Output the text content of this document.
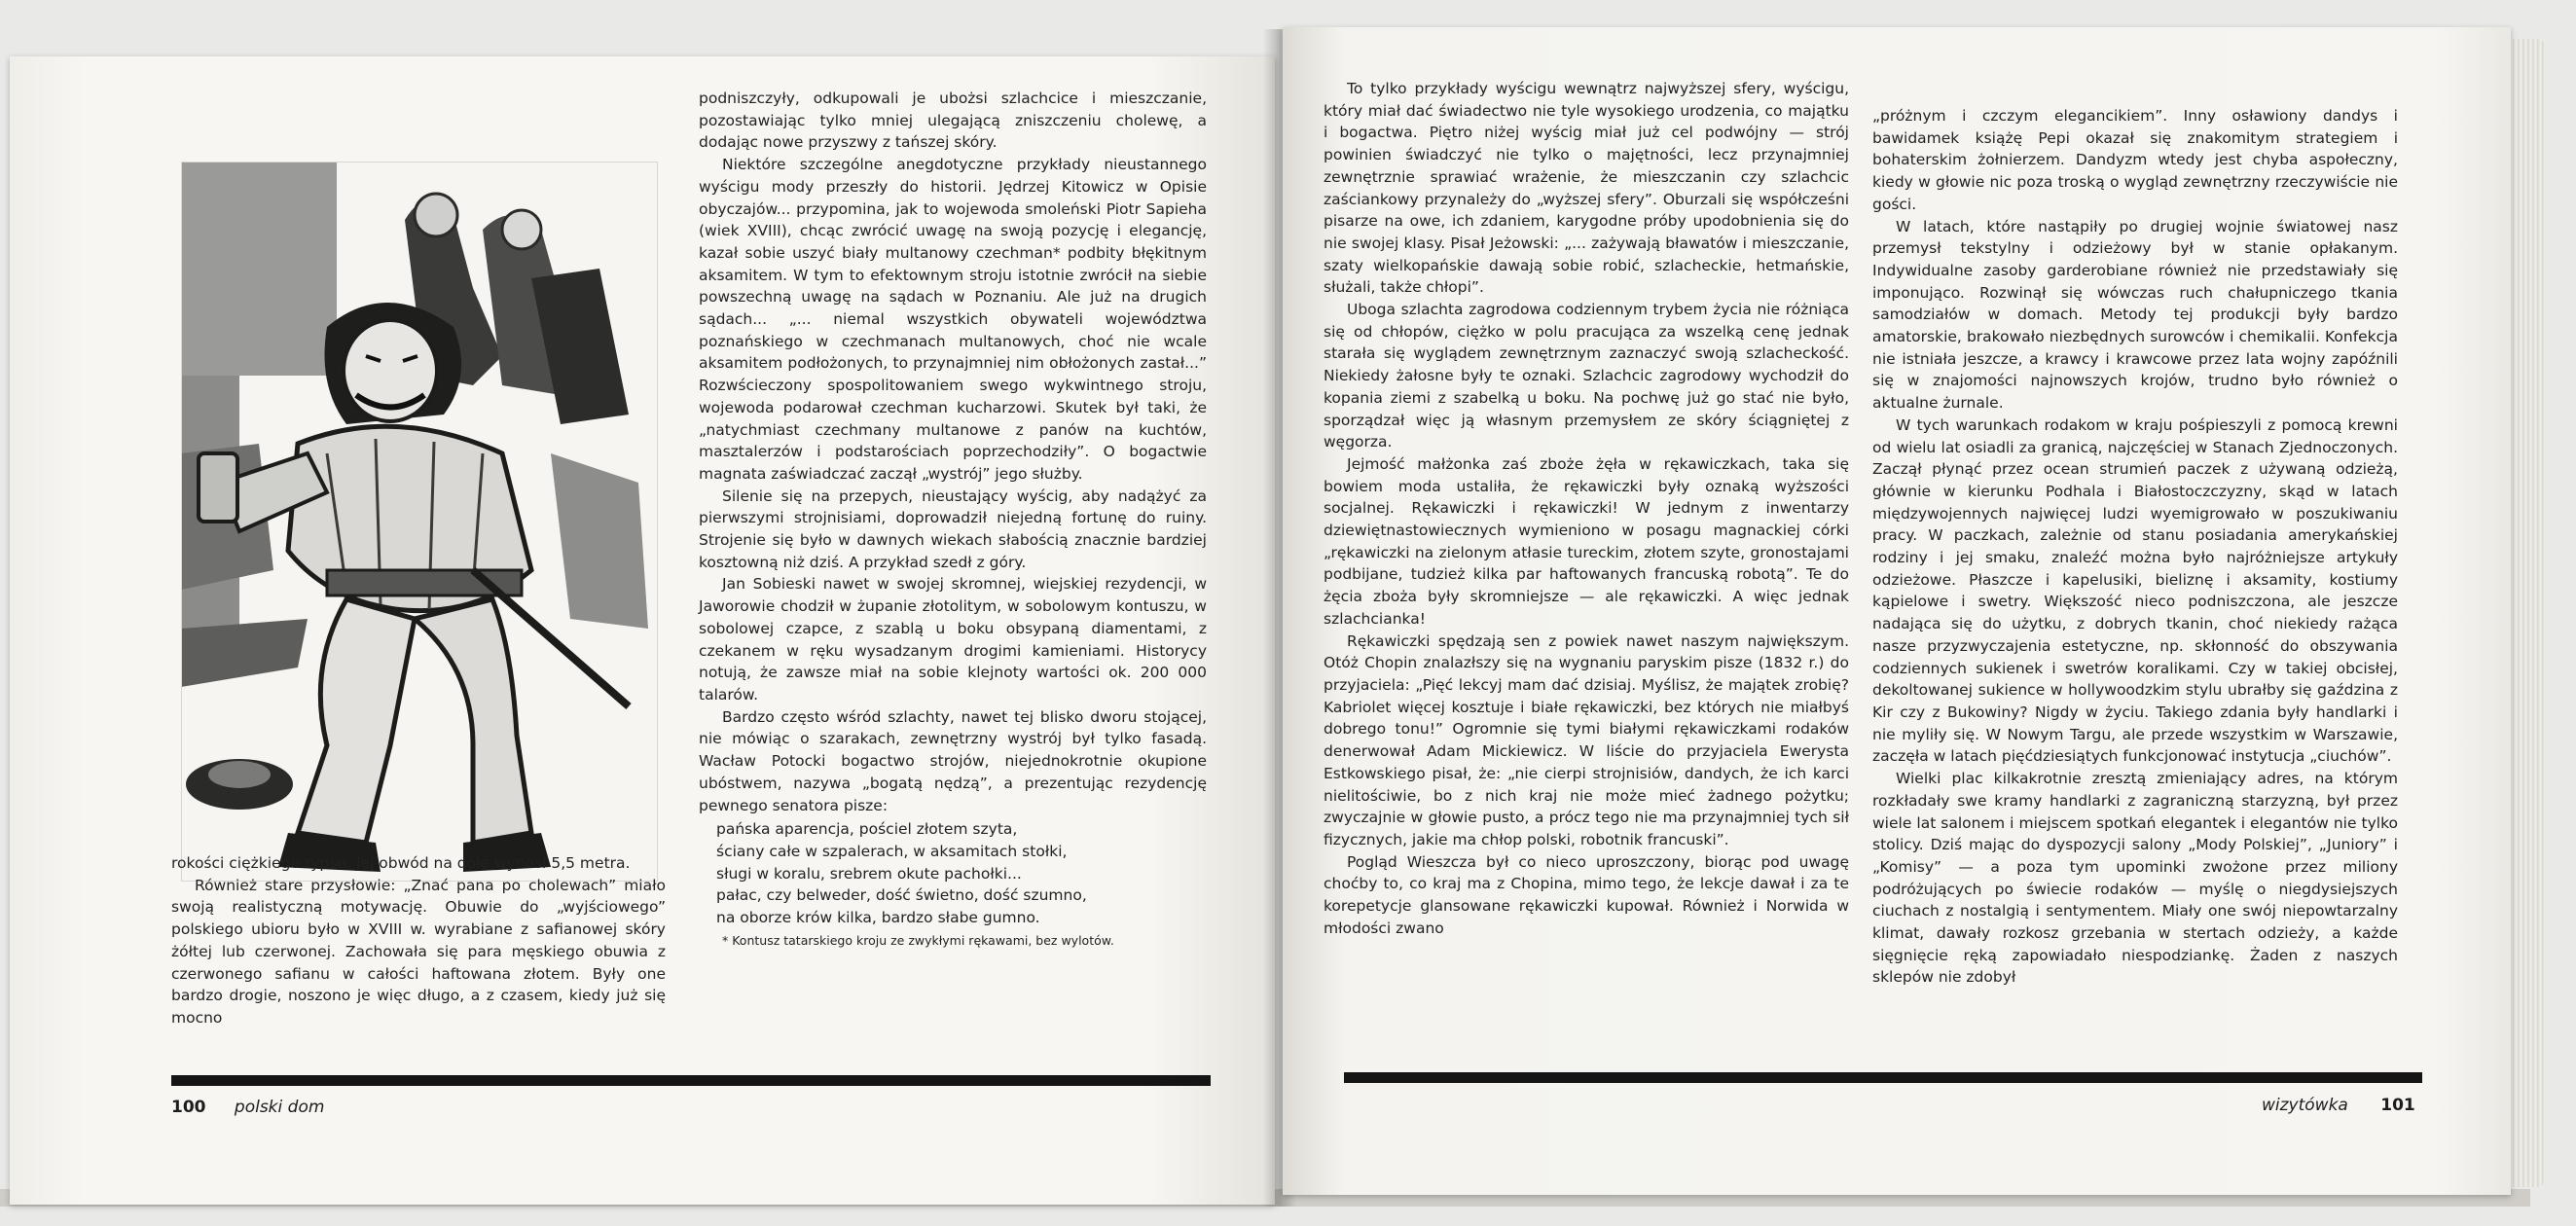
rokości ciężkiego rypsu. Jej obwód na dole wynosi 5,5 metra.

Również stare przysłowie: „Znać pana po cholewach” miało swoją realistyczną motywację. Obuwie do „wyjściowego” polskiego ubioru było w XVIII w. wyrabiane z safianowej skóry żółtej lub czerwonej. Zachowała się para męskiego obuwia z czerwonego safianu w całości haftowana złotem. Były one bardzo drogie, noszono je więc długo, a z czasem, kiedy już się mocno

podniszczyły, odkupowali je ubożsi szlachcice i mieszczanie, pozostawiając tylko mniej ulegającą zniszczeniu cholewę, a dodając nowe przyszwy z tańszej skóry.

Niektóre szczególne anegdotyczne przykłady nieustannego wyścigu mody przeszły do historii. Jędrzej Kitowicz w Opisie obyczajów... przypomina, jak to wojewoda smoleński Piotr Sapieha (wiek XVIII), chcąc zwrócić uwagę na swoją pozycję i elegancję, kazał sobie uszyć biały multanowy czechman* podbity błękitnym aksamitem. W tym to efektownym stroju istotnie zwrócił na siebie powszechną uwagę na sądach w Poznaniu. Ale już na drugich sądach... „... niemal wszystkich obywateli województwa poznańskiego w czechmanach multanowych, choć nie wcale aksamitem podłożonych, to przynajmniej nim obłożonych zastał...” Rozwścieczony spospolitowaniem swego wykwintnego stroju, wojewoda podarował czechman kucharzowi. Skutek był taki, że „natychmiast czechmany multanowe z panów na kuchtów, masztalerzów i podstarościach poprzechodziły”. O bogactwie magnata zaświadczać zaczął „wystrój” jego służby.

Silenie się na przepych, nieustający wyścig, aby nadążyć za pierwszymi strojnisiami, doprowadził niejedną fortunę do ruiny. Strojenie się było w dawnych wiekach słabością znacznie bardziej kosztowną niż dziś. A przykład szedł z góry.

Jan Sobieski nawet w swojej skromnej, wiejskiej rezydencji, w Jaworowie chodził w żupanie złotolitym, w sobolowym kontuszu, w sobolowej czapce, z szablą u boku obsypaną diamentami, z czekanem w ręku wysadzanym drogimi kamieniami. Historycy notują, że zawsze miał na sobie klejnoty wartości ok. 200 000 talarów.

Bardzo często wśród szlachty, nawet tej blisko dworu stojącej, nie mówiąc o szarakach, zewnętrzny wystrój był tylko fasadą. Wacław Potocki bogactwo strojów, niejednokrotnie okupione ubóstwem, nazywa „bogatą nędzą”, a prezentując rezydencję pewnego senatora pisze:

pańska aparencja, pościel złotem szyta,
ściany całe w szpalerach, w aksamitach stołki,
sługi w koralu, srebrem okute pachołki...
pałac, czy belweder, dość świetno, dość szumno,
na oborze krów kilka, bardzo słabe gumno.

* Kontusz tatarskiego kroju ze zwykłymi rękawami, bez wylotów.

100 polski dom

To tylko przykłady wyścigu wewnątrz najwyższej sfery, wyścigu, który miał dać świadectwo nie tyle wysokiego urodzenia, co majątku i bogactwa. Piętro niżej wyścig miał już cel podwójny — strój powinien świadczyć nie tylko o majętności, lecz przynajmniej zewnętrznie sprawiać wrażenie, że mieszczanin czy szlachcic zaściankowy przynależy do „wyższej sfery”. Oburzali się współcześni pisarze na owe, ich zdaniem, karygodne próby upodobnienia się do nie swojej klasy. Pisał Jeżowski: „... zażywają bławatów i mieszczanie, szaty wielkopańskie dawają sobie robić, szlacheckie, hetmańskie, służali, także chłopi”.

Uboga szlachta zagrodowa codziennym trybem życia nie różniąca się od chłopów, ciężko w polu pracująca za wszelką cenę jednak starała się wyglądem zewnętrznym zaznaczyć swoją szlacheckość. Niekiedy żałosne były te oznaki. Szlachcic zagrodowy wychodził do kopania ziemi z szabelką u boku. Na pochwę już go stać nie było, sporządzał więc ją własnym przemysłem ze skóry ściągniętej z węgorza.

Jejmość małżonka zaś zboże żęła w rękawiczkach, taka się bowiem moda ustaliła, że rękawiczki były oznaką wyższości socjalnej. Rękawiczki i rękawiczki! W jednym z inwentarzy dziewiętnastowiecznych wymieniono w posagu magnackiej córki „rękawiczki na zielonym atłasie tureckim, złotem szyte, gronostajami podbijane, tudzież kilka par haftowanych francuską robotą”. Te do żęcia zboża były skromniejsze — ale rękawiczki. A więc jednak szlachcianka!

Rękawiczki spędzają sen z powiek nawet naszym największym. Otóż Chopin znalazłszy się na wygnaniu paryskim pisze (1832 r.) do przyjaciela: „Pięć lekcyj mam dać dzisiaj. Myślisz, że majątek zrobię? Kabriolet więcej kosztuje i białe rękawiczki, bez których nie miałbyś dobrego tonu!” Ogromnie się tymi białymi rękawiczkami rodaków denerwował Adam Mickiewicz. W liście do przyjaciela Ewerysta Estkowskiego pisał, że: „nie cierpi strojnisiów, dandych, że ich karci nielitościwie, bo z nich kraj nie może mieć żadnego pożytku; zwyczajnie w głowie pusto, a prócz tego nie ma przynajmniej tych sił fizycznych, jakie ma chłop polski, robotnik francuski”.

Pogląd Wieszcza był co nieco uproszczony, biorąc pod uwagę choćby to, co kraj ma z Chopina, mimo tego, że lekcje dawał i za te korepetycje glansowane rękawiczki kupował. Również i Norwida w młodości zwano

„próżnym i czczym elegancikiem”. Inny osławiony dandys i bawidamek książę Pepi okazał się znakomitym strategiem i bohaterskim żołnierzem. Dandyzm wtedy jest chyba aspołeczny, kiedy w głowie nic poza troską o wygląd zewnętrzny rzeczywiście nie gości.

W latach, które nastąpiły po drugiej wojnie światowej nasz przemysł tekstylny i odzieżowy był w stanie opłakanym. Indywidualne zasoby garderobiane również nie przedstawiały się imponująco. Rozwinął się wówczas ruch chałupniczego tkania samodziałów w domach. Metody tej produkcji były bardzo amatorskie, brakowało niezbędnych surowców i chemikalii. Konfekcja nie istniała jeszcze, a krawcy i krawcowe przez lata wojny zapóźnili się w znajomości najnowszych krojów, trudno było również o aktualne żurnale.

W tych warunkach rodakom w kraju pośpieszyli z pomocą krewni od wielu lat osiadli za granicą, najczęściej w Stanach Zjednoczonych. Zaczął płynąć przez ocean strumień paczek z używaną odzieżą, głównie w kierunku Podhala i Białostoczczyzny, skąd w latach międzywojennych najwięcej ludzi wyemigrowało w poszukiwaniu pracy. W paczkach, zależnie od stanu posiadania amerykańskiej rodziny i jej smaku, znaleźć można było najróżniejsze artykuły odzieżowe. Płaszcze i kapelusiki, bieliznę i aksamity, kostiumy kąpielowe i swetry. Większość nieco podniszczona, ale jeszcze nadająca się do użytku, z dobrych tkanin, choć niekiedy rażąca nasze przyzwyczajenia estetyczne, np. skłonność do obszywania codziennych sukienek i swetrów koralikami. Czy w takiej obcisłej, dekoltowanej sukience w hollywoodzkim stylu ubrałby się gaździna z Kir czy z Bukowiny? Nigdy w życiu. Takiego zdania były handlarki i nie myliły się. W Nowym Targu, ale przede wszystkim w Warszawie, zaczęła w latach pięćdziesiątych funkcjonować instytucja „ciuchów”.

Wielki plac kilkakrotnie zresztą zmieniający adres, na którym rozkładały swe kramy handlarki z zagraniczną starzyzną, był przez wiele lat salonem i miejscem spotkań elegantek i elegantów nie tylko stolicy. Dziś mając do dyspozycji salony „Mody Polskiej”, „Juniory” i „Komisy” — a poza tym upominki zwożone przez miliony podróżujących po świecie rodaków — myślę o niegdysiejszych ciuchach z nostalgią i sentymentem. Miały one swój niepowtarzalny klimat, dawały rozkosz grzebania w stertach odzieży, a każde sięgnięcie ręką zapowiadało niespodziankę. Żaden z naszych sklepów nie zdobył

wizytówka 101
